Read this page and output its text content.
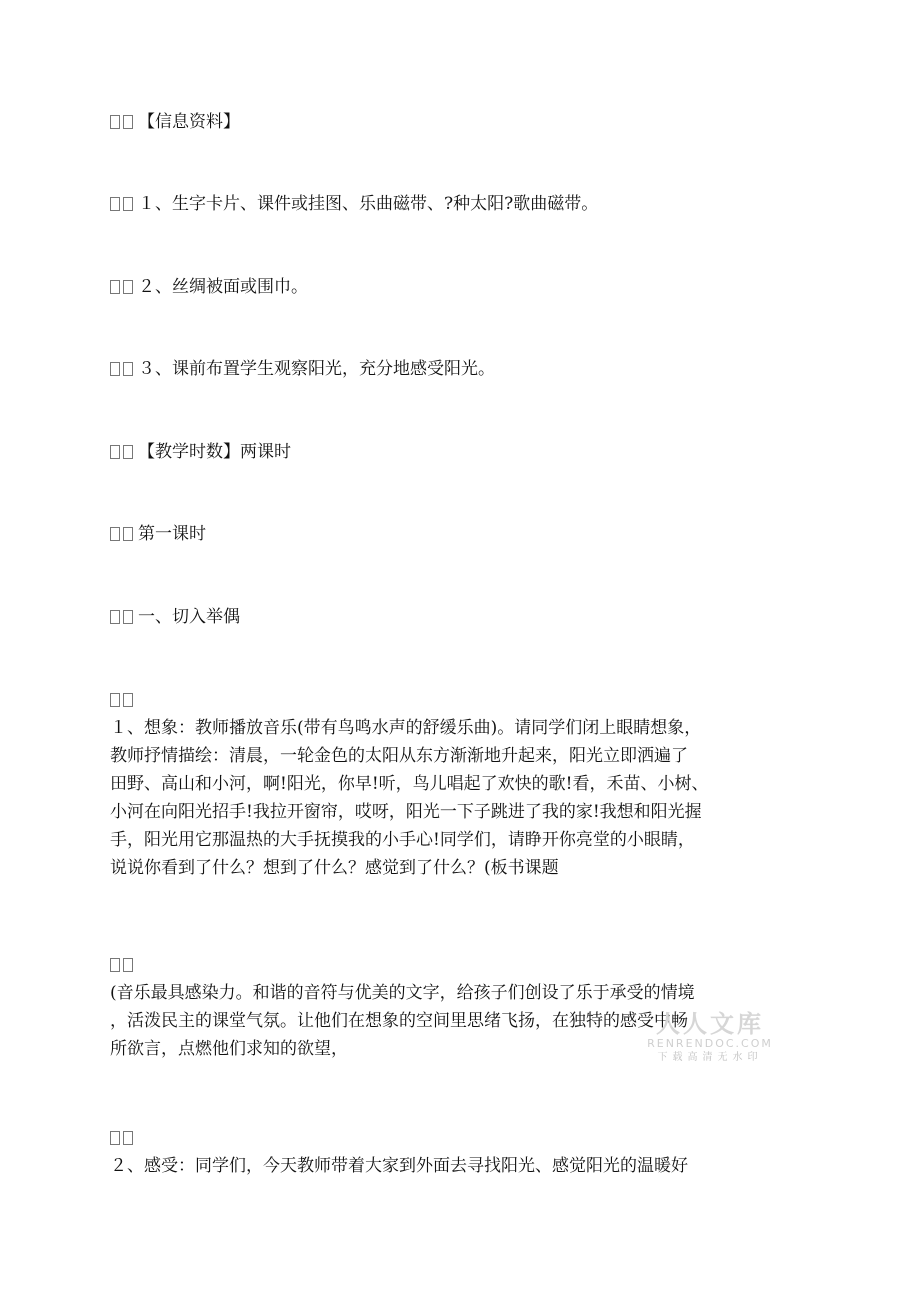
【信息资料】
１、生字卡片、课件或挂图、乐曲磁带、?种太阳?歌曲磁带。
２、丝绸被面或围巾。
３、课前布置学生观察阳光，充分地感受阳光。
【教学时数】两课时
第一课时
一、切入举偶
１、想象：教师播放音乐(带有鸟鸣水声的舒缓乐曲)。请同学们闭上眼睛想象，
教师抒情描绘：清晨，一轮金色的太阳从东方渐渐地升起来，阳光立即洒遍了
田野、高山和小河，啊!阳光，你早!听，鸟儿唱起了欢快的歌!看，禾苗、小树、
小河在向阳光招手!我拉开窗帘，哎呀，阳光一下子跳进了我的家!我想和阳光握
手，阳光用它那温热的大手抚摸我的小手心!同学们，请睁开你亮堂的小眼睛，
说说你看到了什么？想到了什么？感觉到了什么？(板书课题
(音乐最具感染力。和谐的音符与优美的文字，给孩子们创设了乐于承受的情境
，活泼民主的课堂气氛。让他们在想象的空间里思绪飞扬，在独特的感受中畅
所欲言，点燃他们求知的欲望，
２、感受：同学们，今天教师带着大家到外面去寻找阳光、感觉阳光的温暖好
人人文库
RENRENDOC.COM
下载高清无水印
